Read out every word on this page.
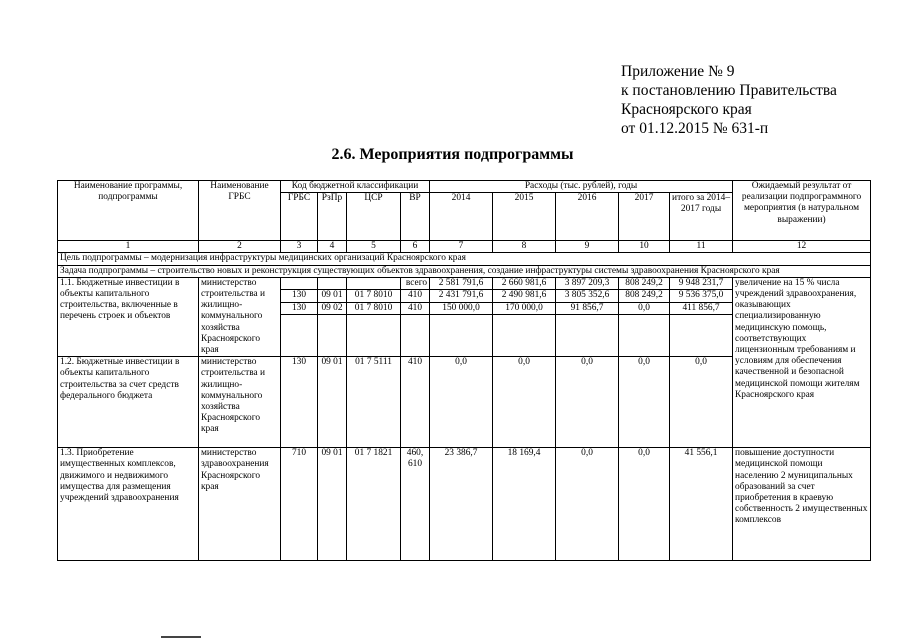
Приложение № 9
к постановлению Правительства
Красноярского края
от 01.12.2015 № 631-п
2.6. Мероприятия подпрограммы
Наименование программы, подпрограммы	Наименование ГРБС	Код бюджетной классификации				Расходы (тыс. рублей), годы					Ожидаемый результат от реализации подпрограммного мероприятия (в натуральном выражении)
		ГРБС	РзПр	ЦСР	ВР	2014	2015	2016	2017	итого за 2014–2017 годы	
1	2	3	4	5	6	7	8	9	10	11	12
Цель подпрограммы – модернизация инфраструктуры медицинских организаций Красноярского края											
Задача подпрограммы – строительство новых и реконструкция существующих объектов здравоохранения, создание инфраструктуры системы здравоохранения Красноярского края											
1.1. Бюджетные инвестиции в объекты капитального строительства, включенные в перечень строек и объектов	министерство строительства и жилищно-коммунального хозяйства Красноярского края				всего	2 581 791,6	2 660 981,6	3 897 209,3	808 249,2	9 948 231,7	увеличение на 15 % числа учреждений здравоохранения, оказывающих специализированную медицинскую помощь, соответствующих лицензионным требованиям и условиям для обеспечения качественной и безопасной медицинской помощи жителям Красноярского края
		130	09 01	01 7 8010	410	2 431 791,6	2 490 981,6	3 805 352,6	808 249,2	9 536 375,0	
		130	09 02	01 7 8010	410	150 000,0	170 000,0	91 856,7	0,0	411 856,7	

1.2. Бюджетные инвестиции в объекты капитального строительства за счет средств федерального бюджета	министерство строительства и жилищно-коммунального хозяйства Красноярского края	130	09 01	01 7 5111	410	0,0	0,0	0,0	0,0	0,0	

1.3. Приобретение имущественных комплексов, движимого и недвижимого имущества для размещения учреждений здравоохранения	министерство здравоохранения Красноярского края	710	09 01	01 7 1821	460, 610	23 386,7	18 169,4	0,0	0,0	41 556,1	повышение доступности медицинской помощи населению 2 муниципальных образований за счет приобретения в краевую собственность 2 имущественных комплексов
